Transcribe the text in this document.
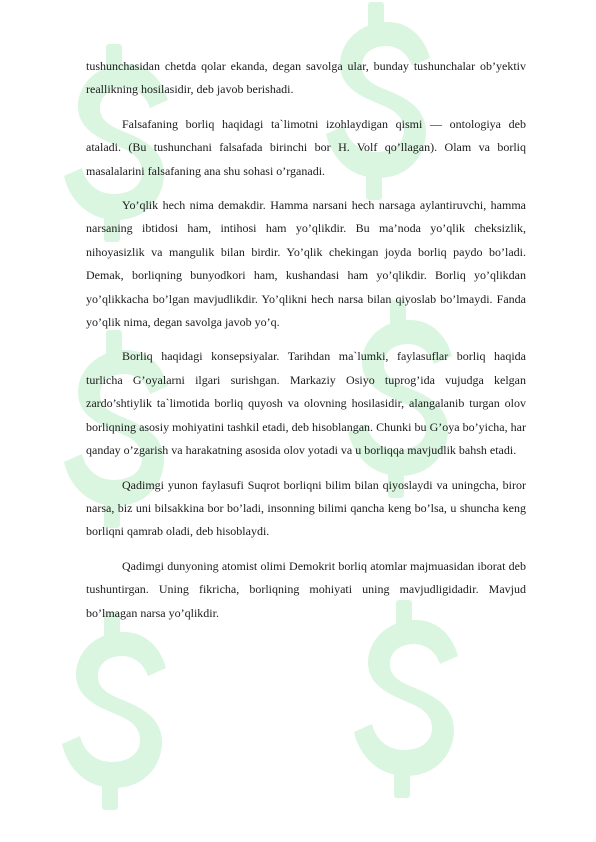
tushunchasidan chetda qolar ekanda, degan savolga ular, bunday tushunchalar ob’yektiv reallikning hosilasidir, deb javob berishadi.

Falsafaning borliq haqidagi ta`limotni izohlaydigan qismi — ontologiya deb ataladi. (Bu tushunchani falsafada birinchi bor H. Volf qo’llagan). Olam va borliq masalalarini falsafaning ana shu sohasi o’rganadi.

Yo’qlik hech nima demakdir. Hamma narsani hech narsaga aylantiruvchi, hamma narsaning ibtidosi ham, intihosi ham yo’qlikdir. Bu ma’noda yo’qlik cheksizlik, nihoyasizlik va mangulik bilan birdir. Yo’qlik chekingan joyda borliq paydo bo’ladi. Demak, borliqning bunyodkori ham, kushandasi ham yo’qlikdir. Borliq yo’qlikdan yo’qlikkacha bo’lgan mavjudlikdir. Yo’qlikni hech narsa bilan qiyoslab bo’lmaydi. Fanda yo’qlik nima, degan savolga javob yo’q.

Borliq haqidagi konsepsiyalar. Tarihdan ma`lumki, faylasuflar borliq haqida turlicha G’oyalarni ilgari surishgan. Markaziy Osiyo tuprog’ida vujudga kelgan zardo’shtiylik ta`limotida borliq quyosh va olovning hosilasidir, alangalanib turgan olov borliqning asosiy mohiyatini tashkil etadi, deb hisoblangan. Chunki bu G’oya bo’yicha, har qanday o’zgarish va harakatning asosida olov yotadi va u borliqqa mavjudlik bahsh etadi.

Qadimgi yunon faylasufi Suqrot borliqni bilim bilan qiyoslaydi va uningcha, biror narsa, biz uni bilsakkina bor bo’ladi, insonning bilimi qancha keng bo’lsa, u shuncha keng borliqni qamrab oladi, deb hisoblaydi.

Qadimgi dunyoning atomist olimi Demokrit borliq atomlar majmuasidan iborat deb tushuntirgan. Uning fikricha, borliqning mohiyati uning mavjudligidadir. Mavjud bo’lmagan narsa yo’qlikdir.
